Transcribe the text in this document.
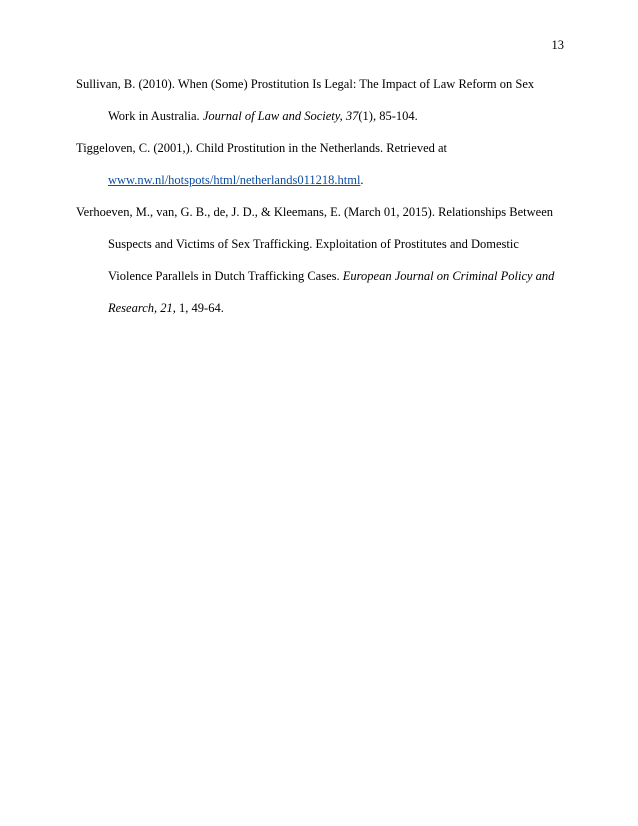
13
Sullivan, B. (2010). When (Some) Prostitution Is Legal: The Impact of Law Reform on Sex
Work in Australia. Journal of Law and Society, 37(1), 85-104.
Tiggeloven, C. (2001,). Child Prostitution in the Netherlands. Retrieved at
www.nw.nl/hotspots/html/netherlands011218.html.
Verhoeven, M., van, G. B., de, J. D., & Kleemans, E. (March 01, 2015). Relationships Between
Suspects and Victims of Sex Trafficking. Exploitation of Prostitutes and Domestic
Violence Parallels in Dutch Trafficking Cases. European Journal on Criminal Policy and
Research, 21, 1, 49-64.
